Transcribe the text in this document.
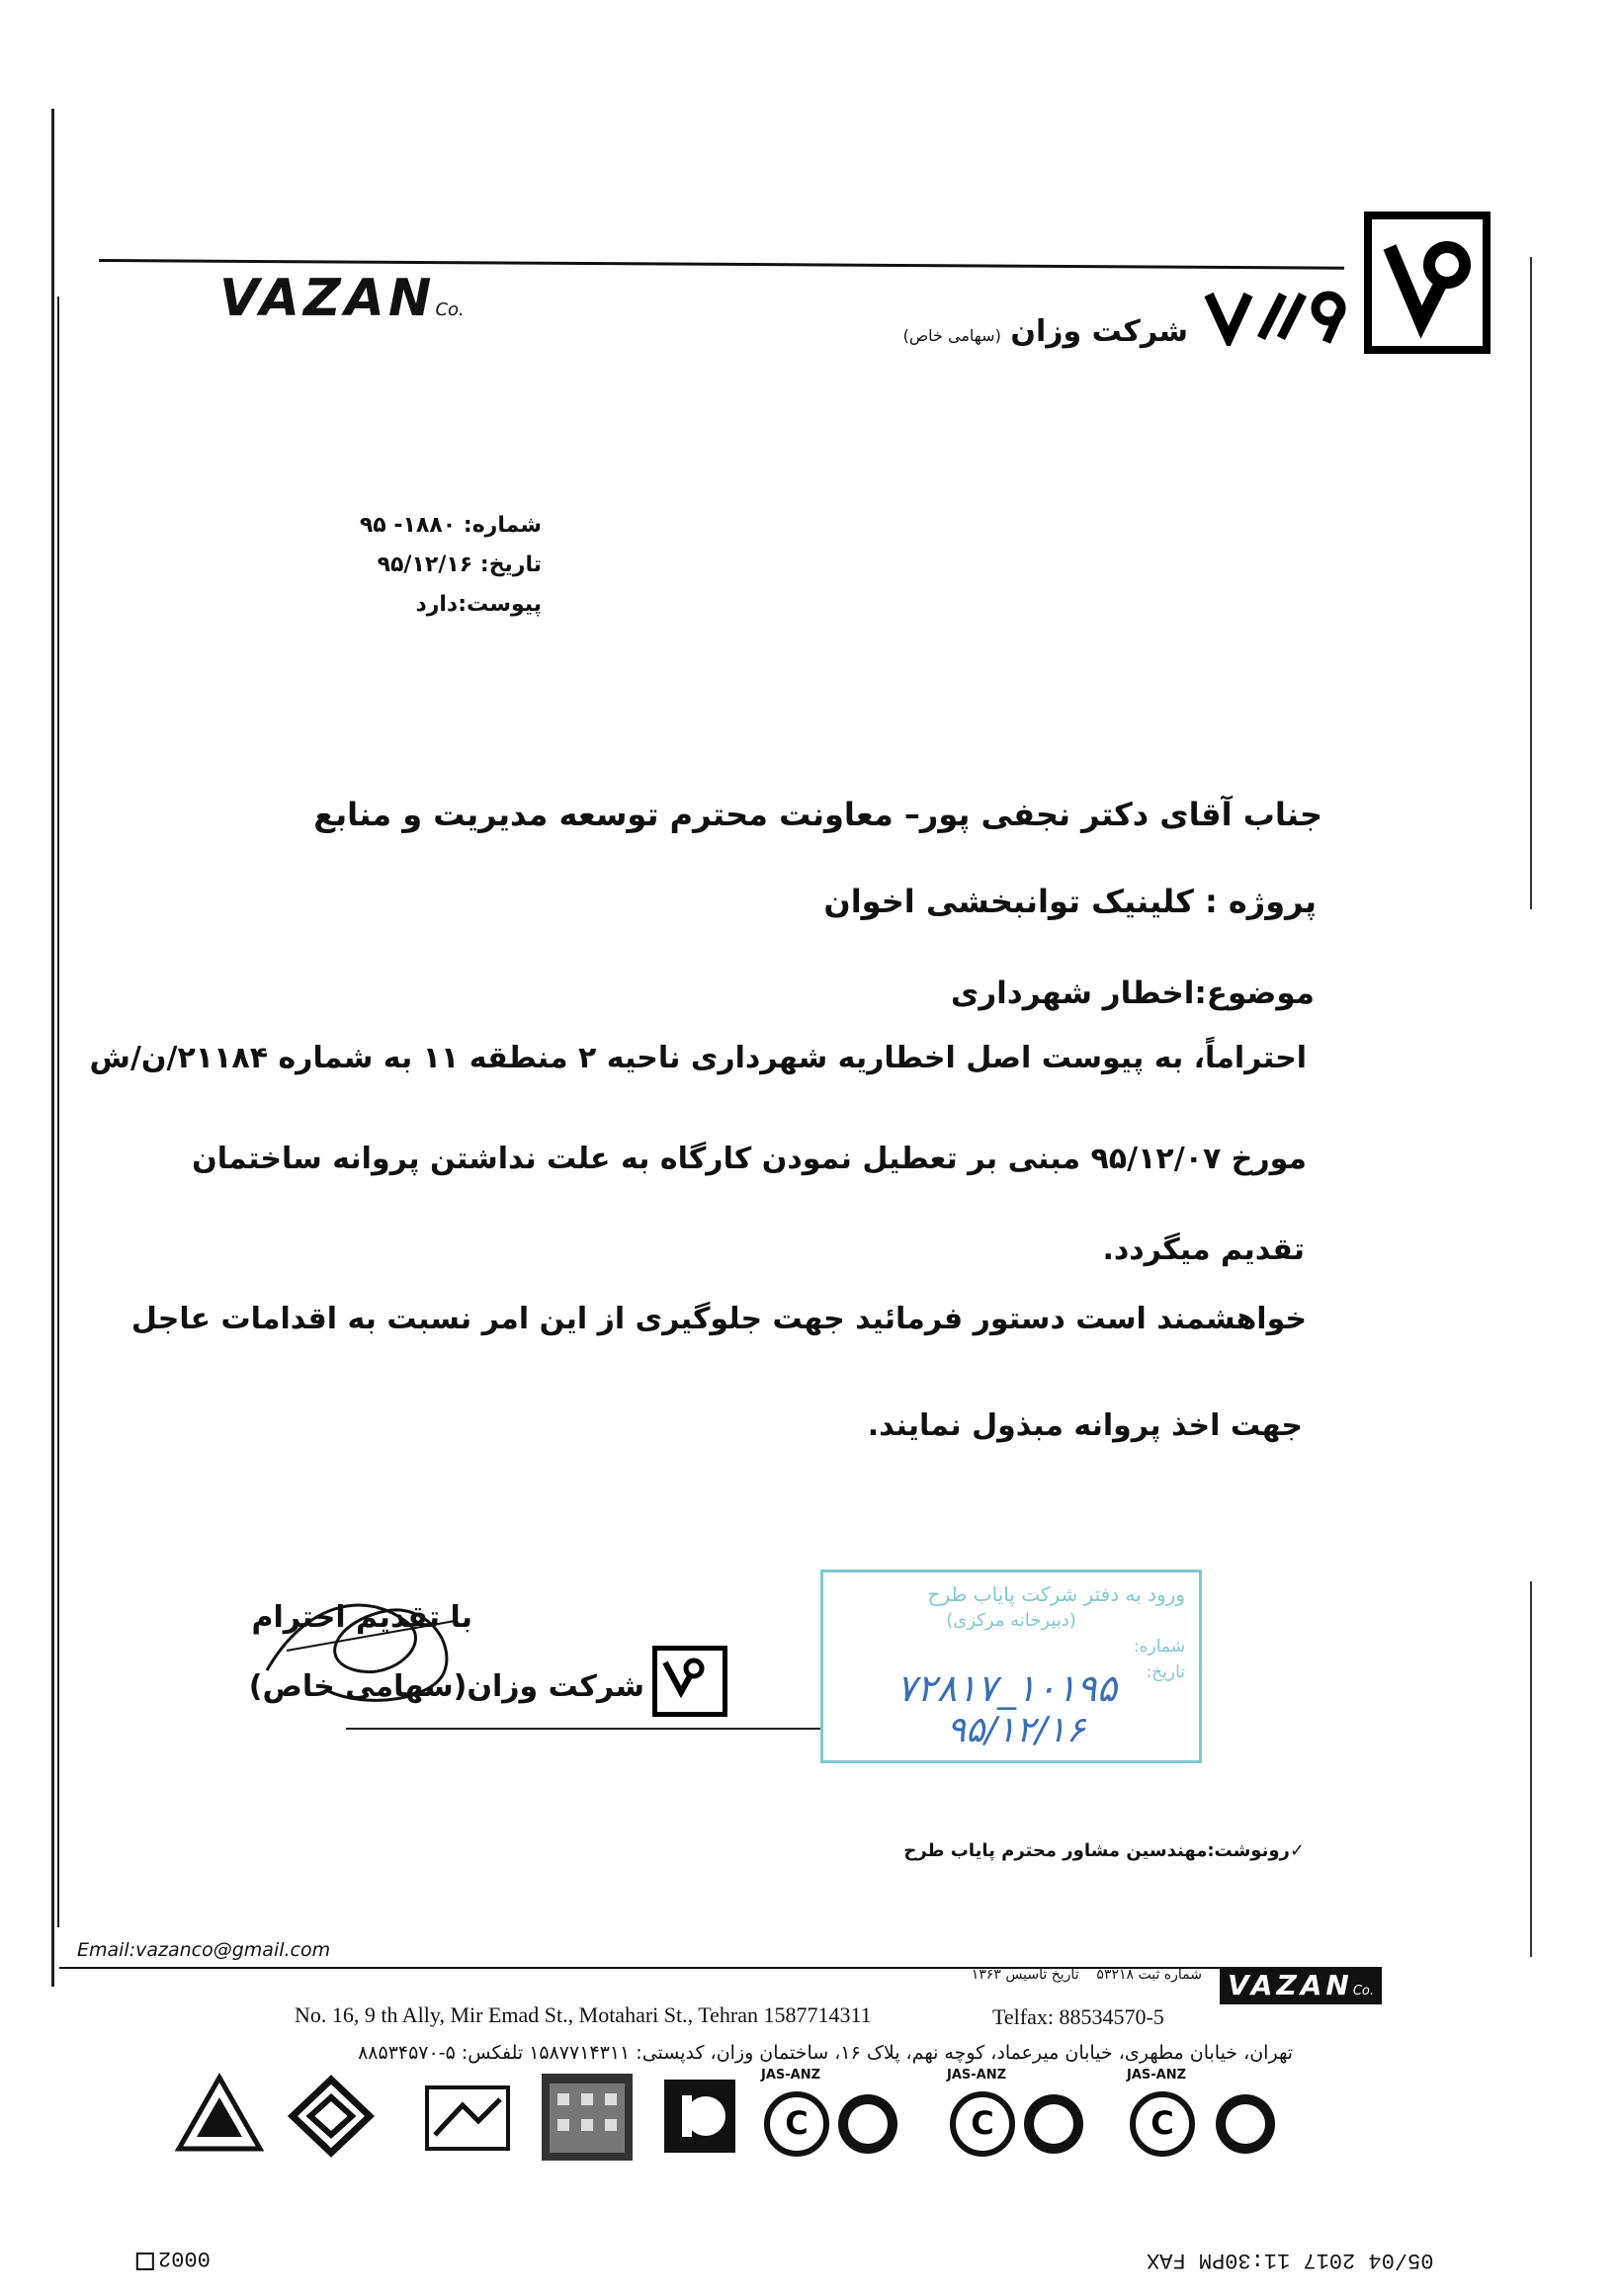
VAZANCo.
شرکت وزان (سهامی خاص)
شماره: ۱۸۸۰- ۹۵
تاریخ: ۹۵/۱۲/۱۶
پیوست:دارد
جناب آقای دکتر نجفی پور– معاونت محترم توسعه مدیریت و منابع
پروژه : کلینیک توانبخشی اخوان
موضوع:اخطار شهرداری
احتراماً، به پیوست اصل اخطاریه شهرداری ناحیه ۲ منطقه ۱۱ به شماره ۲۱۱۸۴/ن/ش
مورخ ۹۵/۱۲/۰۷ مبنی بر تعطیل نمودن کارگاه به علت نداشتن پروانه ساختمان
تقدیم میگردد.
خواهشمند است دستور فرمائید جهت جلوگیری از این امر نسبت به اقدامات عاجل
جهت اخذ پروانه مبذول نمایند.
با تقدیم احترام
شرکت وزان(سهامی خاص)
ورود به دفتر شرکت پایاب طرح
(دبیرخانه مرکزی)
شماره:
تاریخ:
۱۰۱۹۵_۷۲۸۱۷
۹۵/۱۲/۱۶
✓رونوشت:مهندسین مشاور محترم پایاب طرح
Email:vazanco@gmail.com
شماره ثبت ۵۳۲۱۸    تاریخ تاسیس ۱۳۶۳	VAZANCo.
No. 16, 9 th Ally, Mir Emad St., Motahari St., Tehran 1587714311	Telfax: 88534570-5
تهران، خیابان مطهری، خیابان میرعماد، کوچه نهم، پلاک ۱۶، ساختمان وزان، کدپستی: ۱۵۸۷۷۱۴۳۱۱ تلفکس: ۵-۸۸۵۳۴۵۷۰
JAS-ANZ
C
JAS-ANZ
C
JAS-ANZ
C
05/04 2017 11:30PM FAX
0002
